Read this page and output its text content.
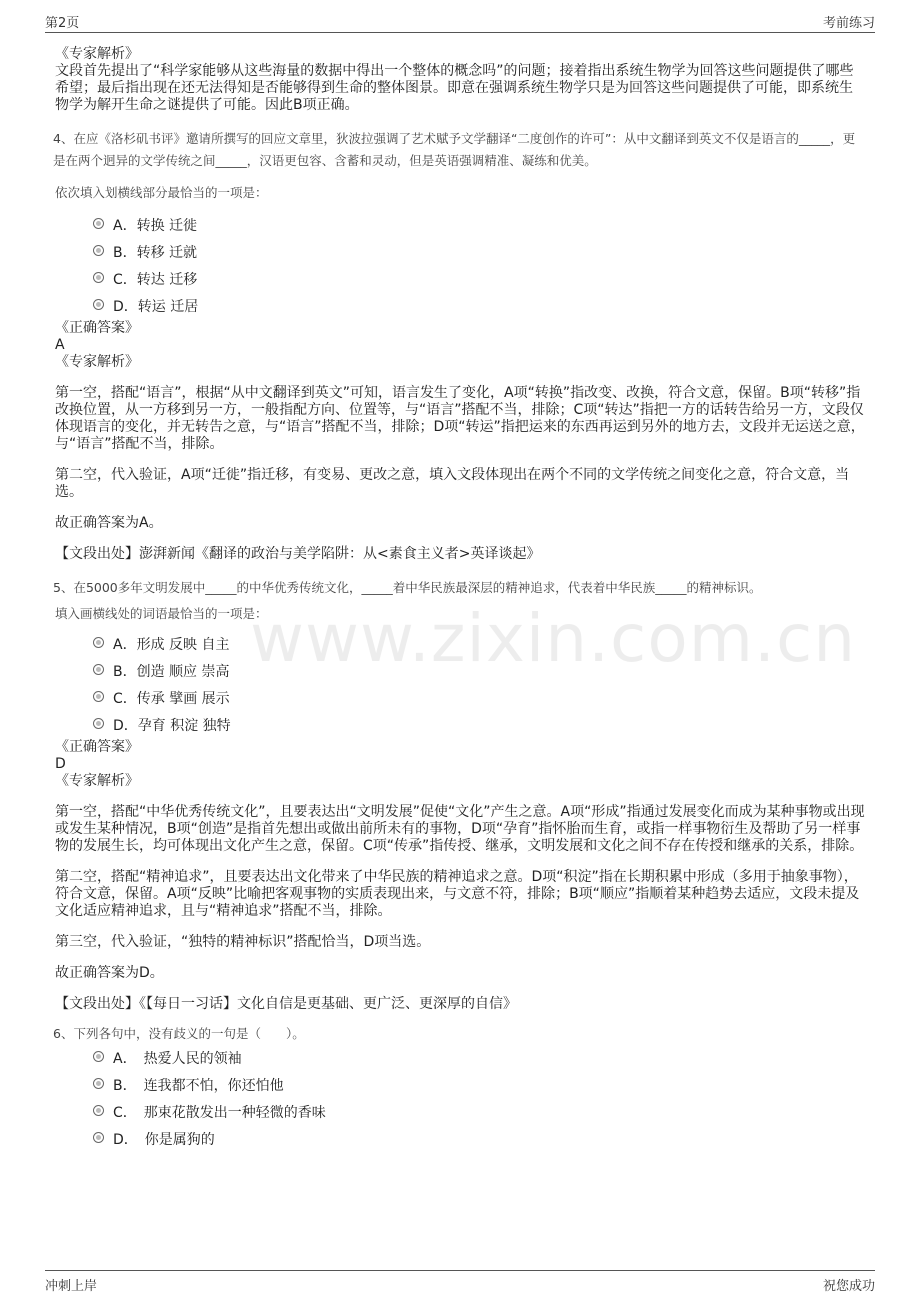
第2页	考前练习
www.zixin.com.cn

《专家解析》

文段首先提出了“科学家能够从这些海量的数据中得出一个整体的概念吗”的问题；接着指出系统生物学为回答这些问题提供了哪些希望；最后指出现在还无法得知是否能够得到生命的整体图景。即意在强调系统生物学只是为回答这些问题提供了可能，即系统生物学为解开生命之谜提供了可能。因此B项正确。

4、在应《洛杉矶书评》邀请所撰写的回应文章里，狄波拉强调了艺术赋予文学翻译“二度创作的许可”：从中文翻译到英文不仅是语言的_____，更是在两个迥异的文学传统之间_____，汉语更包容、含蓄和灵动，但是英语强调精准、凝练和优美。

依次填入划横线部分最恰当的一项是：

A．转换 迁徙
B．转移 迁就
C．转达 迁移
D．转运 迁居

《正确答案》

A

《专家解析》

第一空，搭配“语言”，根据“从中文翻译到英文”可知，语言发生了变化，A项“转换”指改变、改换，符合文意，保留。B项“转移”指改换位置，从一方移到另一方，一般指配方向、位置等，与“语言”搭配不当，排除；C项“转达”指把一方的话转告给另一方，文段仅体现语言的变化，并无转告之意，与“语言”搭配不当，排除；D项“转运”指把运来的东西再运到另外的地方去，文段并无运送之意，与“语言”搭配不当，排除。

第二空，代入验证，A项“迁徙”指迁移，有变易、更改之意，填入文段体现出在两个不同的文学传统之间变化之意，符合文意，当选。

故正确答案为A。

【文段出处】澎湃新闻《翻译的政治与美学陷阱：从<素食主义者>英译谈起》

5、在5000多年文明发展中_____的中华优秀传统文化，_____着中华民族最深层的精神追求，代表着中华民族_____的精神标识。

填入画横线处的词语最恰当的一项是：

A．形成 反映 自主
B．创造 顺应 崇高
C．传承 擘画 展示
D．孕育 积淀 独特

《正确答案》

D

《专家解析》

第一空，搭配“中华优秀传统文化”，且要表达出“文明发展”促使“文化”产生之意。A项“形成”指通过发展变化而成为某种事物或出现或发生某种情况，B项“创造”是指首先想出或做出前所未有的事物，D项“孕育”指怀胎而生育，或指一样事物衍生及帮助了另一样事物的发展生长，均可体现出文化产生之意，保留。C项“传承”指传授、继承，文明发展和文化之间不存在传授和继承的关系，排除。

第二空，搭配“精神追求”，且要表达出文化带来了中华民族的精神追求之意。D项“积淀”指在长期积累中形成（多用于抽象事物），符合文意，保留。A项“反映”比喻把客观事物的实质表现出来，与文意不符，排除；B项“顺应”指顺着某种趋势去适应，文段未提及文化适应精神追求，且与“精神追求”搭配不当，排除。

第三空，代入验证，“独特的精神标识”搭配恰当，D项当选。

故正确答案为D。

【文段出处】《【每日一习话】文化自信是更基础、更广泛、更深厚的自信》

6、下列各句中，没有歧义的一句是（　　）。

A．　热爱人民的领袖
B．　连我都不怕，你还怕他
C．　那束花散发出一种轻微的香味
D．　你是属狗的
冲刺上岸	祝您成功
